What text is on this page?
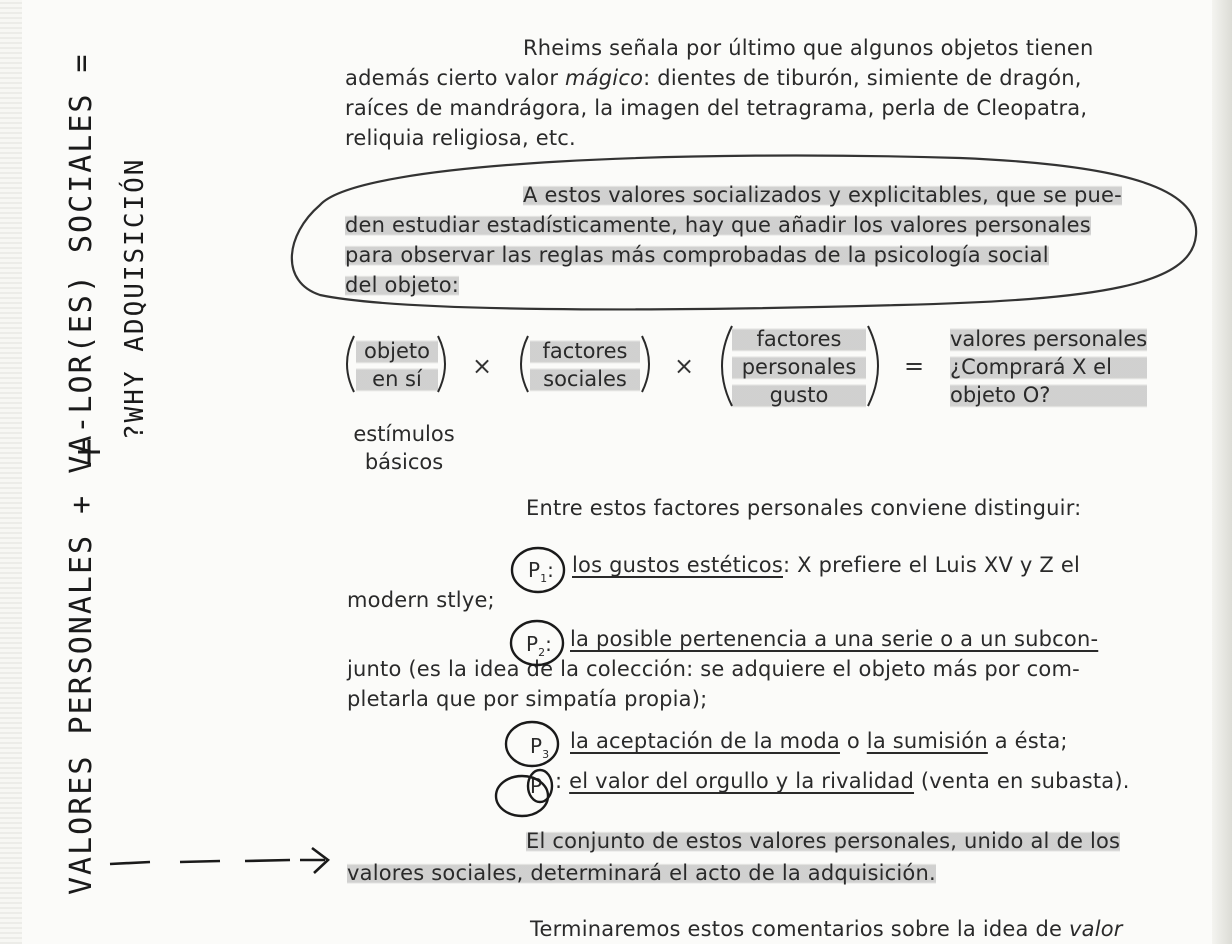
Rheims señala por último que algunos objetos tienen
además cierto valor mágico: dientes de tiburón, simiente de dragón,
raíces de mandrágora, la imagen del tetragrama, perla de Cleopatra,
reliquia religiosa, etc.
A estos valores socializados y explicitables, que se pue-
den estudiar estadísticamente, hay que añadir los valores personales
para observar las reglas más comprobadas de la psicología social
del objeto:
objeto
en sí	×
factores
sociales	×
factores
personales
gusto
=
valores personales
¿Comprará X el
objeto O?
estímulos
básicos
Entre estos factores personales conviene distinguir:
$P_1$: los gustos estéticos: X prefiere el Luis XV y Z el
modern stlye;
$P_2$: la posible pertenencia a una serie o a un subcon-
junto (es la idea de la colección: se adquiere el objeto más por com-
pletarla que por simpatía propia);
$P_3$
la aceptación de la moda o la sumisión a ésta;
P : el valor del orgullo y la rivalidad (venta en subasta).
El conjunto de estos valores personales, unido al de los
valores sociales, determinará el acto de la adquisición.
Terminaremos estos comentarios sobre la idea de valor
VALORES PERSONALES + VA-LOR(ES) SOCIALES = ?WHY ADQUISICIÓN
